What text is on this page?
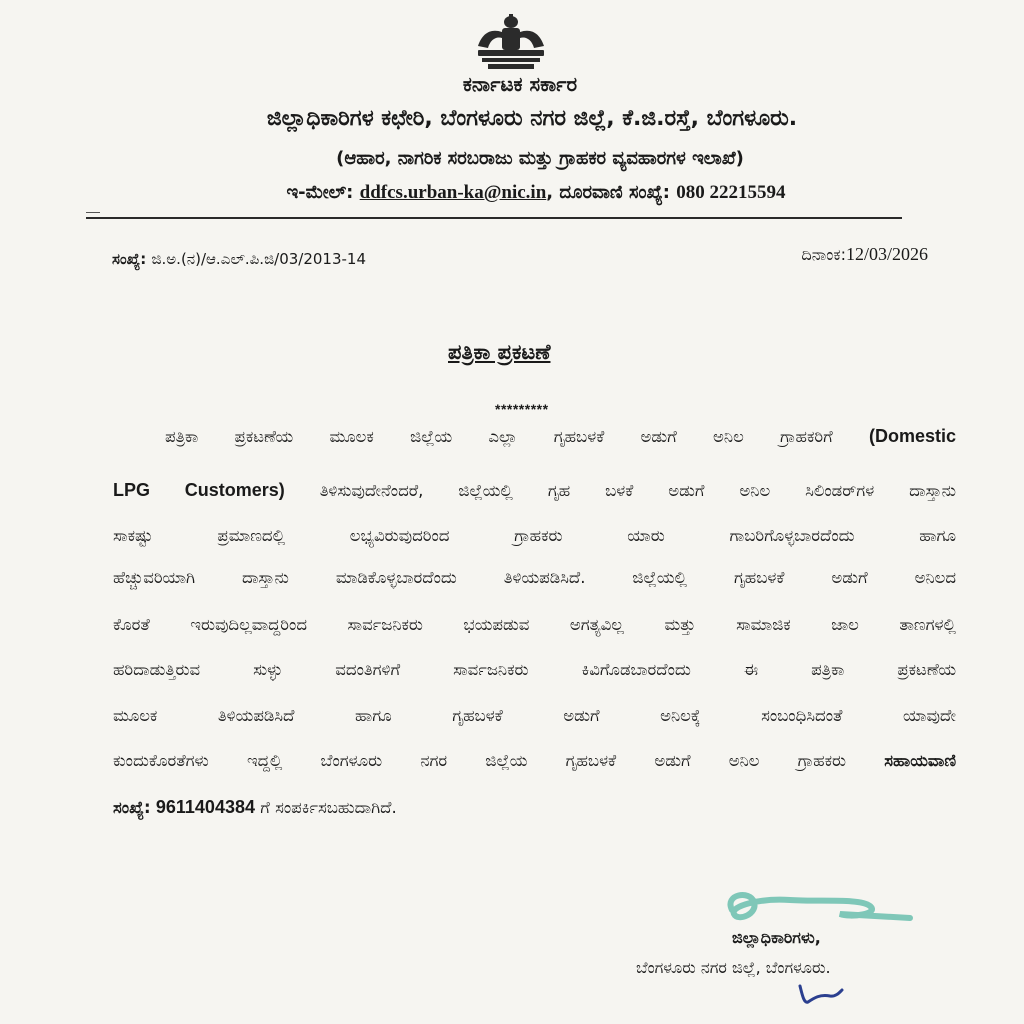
ಕರ್ನಾಟಕ ಸರ್ಕಾರ
ಜಿಲ್ಲಾಧಿಕಾರಿಗಳ ಕಛೇರಿ, ಬೆಂಗಳೂರು ನಗರ ಜಿಲ್ಲೆ, ಕೆ.ಜಿ.ರಸ್ತೆ, ಬೆಂಗಳೂರು.
(ಆಹಾರ, ನಾಗರಿಕ ಸರಬರಾಜು ಮತ್ತು ಗ್ರಾಹಕರ ವ್ಯವಹಾರಗಳ ಇಲಾಖೆ)
ಇ-ಮೇಲ್: ddfcs.urban-ka@nic.in, ದೂರವಾಣಿ ಸಂಖ್ಯೆ: 080 22215594
ಸಂಖ್ಯೆ: ಜಿ.ಅ.(ನ)/ಆ.ಎಲ್.ಪಿ.ಜಿ/03/2013-14	ದಿನಾಂಕ:12/03/2026
ಪತ್ರಿಕಾ ಪ್ರಕಟಣೆ
*********
ಪತ್ರಿಕಾ ಪ್ರಕಟಣೆಯ ಮೂಲಕ ಜಿಲ್ಲೆಯ ಎಲ್ಲಾ ಗೃಹಬಳಕೆ ಅಡುಗೆ ಅನಿಲ ಗ್ರಾಹಕರಿಗೆ (Domestic
LPG Customers) ತಿಳಿಸುವುದೇನೆಂದರೆ, ಜಿಲ್ಲೆಯಲ್ಲಿ ಗೃಹ ಬಳಕೆ ಅಡುಗೆ ಅನಿಲ ಸಿಲಿಂಡರ್‌ಗಳ ದಾಸ್ತಾನು
ಸಾಕಷ್ಟು ಪ್ರಮಾಣದಲ್ಲಿ ಲಭ್ಯವಿರುವುದರಿಂದ ಗ್ರಾಹಕರು ಯಾರು ಗಾಬರಿಗೊಳ್ಳಬಾರದೆಂದು ಹಾಗೂ
ಹೆಚ್ಚುವರಿಯಾಗಿ ದಾಸ್ತಾನು ಮಾಡಿಕೊಳ್ಳಬಾರದೆಂದು ತಿಳಿಯಪಡಿಸಿದೆ. ಜಿಲ್ಲೆಯಲ್ಲಿ ಗೃಹಬಳಕೆ ಅಡುಗೆ ಅನಿಲದ
ಕೊರತೆ ಇರುವುದಿಲ್ಲವಾದ್ದರಿಂದ ಸಾರ್ವಜನಿಕರು ಭಯಪಡುವ ಅಗತ್ಯವಿಲ್ಲ ಮತ್ತು ಸಾಮಾಜಿಕ ಜಾಲ ತಾಣಗಳಲ್ಲಿ
ಹರಿದಾಡುತ್ತಿರುವ ಸುಳ್ಳು ವದಂತಿಗಳಿಗೆ ಸಾರ್ವಜನಿಕರು ಕಿವಿಗೊಡಬಾರದೆಂದು ಈ ಪತ್ರಿಕಾ ಪ್ರಕಟಣೆಯ
ಮೂಲಕ ತಿಳಿಯಪಡಿಸಿದೆ ಹಾಗೂ ಗೃಹಬಳಕೆ ಅಡುಗೆ ಅನಿಲಕ್ಕೆ ಸಂಬಂಧಿಸಿದಂತೆ ಯಾವುದೇ
ಕುಂದುಕೊರತೆಗಳು ಇದ್ದಲ್ಲಿ ಬೆಂಗಳೂರು ನಗರ ಜಿಲ್ಲೆಯ ಗೃಹಬಳಕೆ ಅಡುಗೆ ಅನಿಲ ಗ್ರಾಹಕರು ಸಹಾಯವಾಣಿ
ಸಂಖ್ಯೆ: 9611404384 ಗೆ ಸಂಪರ್ಕಿಸಬಹುದಾಗಿದೆ.
ಜಿಲ್ಲಾಧಿಕಾರಿಗಳು,
ಬೆಂಗಳೂರು ನಗರ ಜಿಲ್ಲೆ, ಬೆಂಗಳೂರು.
